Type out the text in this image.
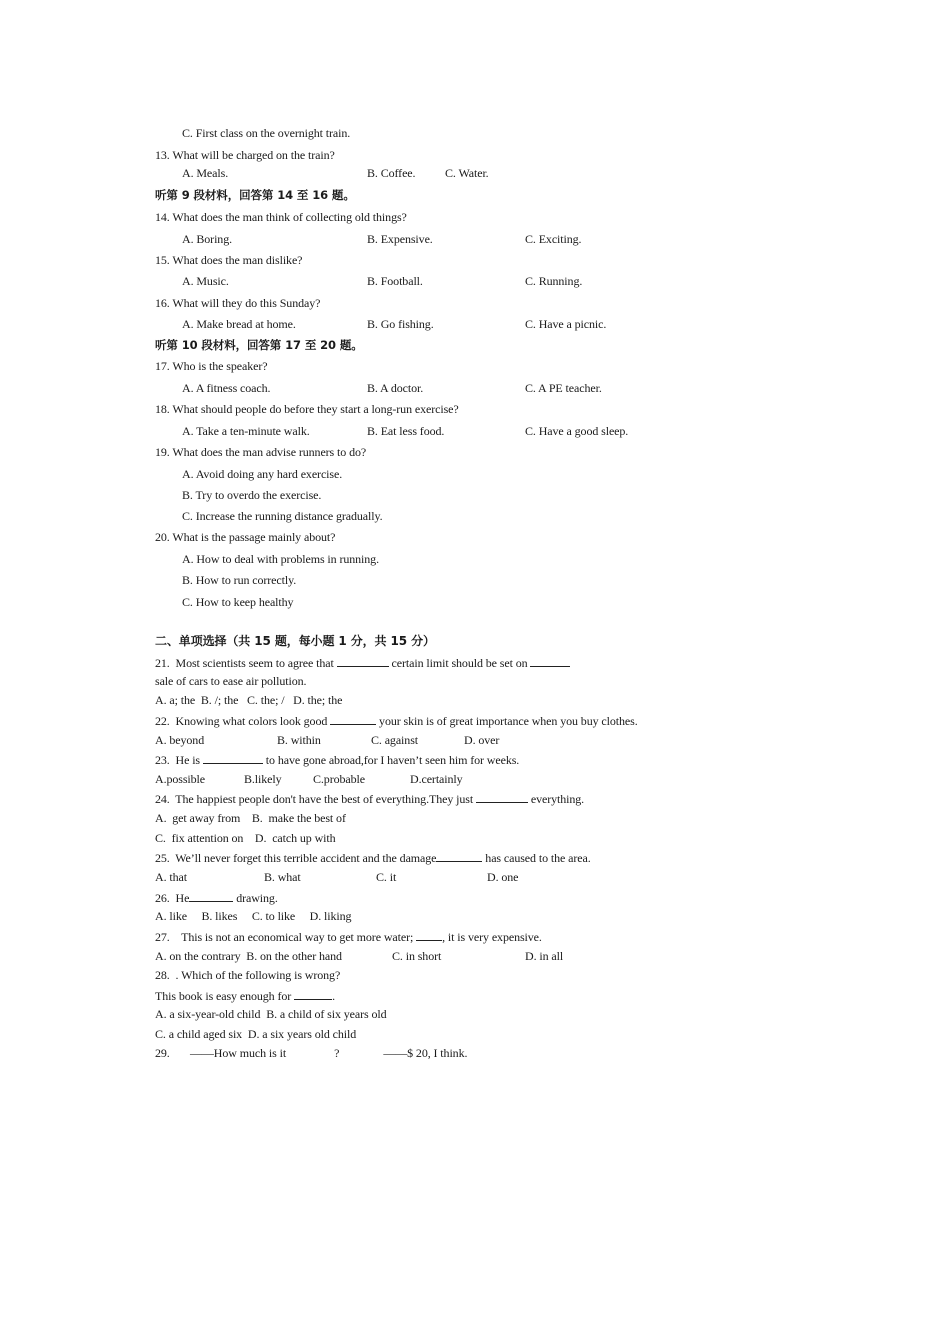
C. First class on the overnight train.
13. What will be charged on the train?
A. Meals.	B. Coffee. C. Water.
听第 9 段材料，回答第 14 至 16 题。
14. What does the man think of collecting old things?
A. Boring.	B. Expensive.	C. Exciting.
15. What does the man dislike?
A. Music.	B. Football.	C. Running.
16. What will they do this Sunday?
A. Make bread at home.	B. Go fishing.	C. Have a picnic.
听第 10 段材料，回答第 17 至 20 题。
17. Who is the speaker?
A. A fitness coach.	B. A doctor.	C. A PE teacher.
18. What should people do before they start a long-run exercise?
A. Take a ten-minute walk.	B. Eat less food.	C. Have a good sleep.
19. What does the man advise runners to do?
A. Avoid doing any hard exercise.
B. Try to overdo the exercise.
C. Increase the running distance gradually.
20. What is the passage mainly about?
A. How to deal with problems in running.
B. How to run correctly.
C. How to keep healthy
二、单项选择（共 15 题，每小题 1 分，共 15 分）
21.  Most scientists seem to agree that	certain limit should be set on
sale of cars to ease air pollution.
A. a; the  B. /; the   C. the; /   D. the; the
22.  Knowing what colors look good	your skin is of great importance when you buy clothes.
A. beyond	B. within	C. against	D. over
23.  He is	to have gone abroad,for I haven’t seen him for weeks.
A.possible	B.likely	C.probable	D.certainly
24.  The happiest people don't have the best of everything.They just	everything.
A.  get away from    B.  make the best of
C.  fix attention on    D.  catch up with
25.  We’ll never forget this terrible accident and the damage	has caused to the area.
A. that	B. what	C. it	D. one
26.  He	drawing.
A. like     B. likes     C. to like     D. liking
27.    This is not an economical way to get more water; , it is very expensive.
A. on the contrary  B. on the other hand	C. in short	D. in all
28.  . Which of the following is wrong?
This book is easy enough for	.
A. a six-year-old child  B. a child of six years old
C. a child aged six  D. a six years old child
29.       ——How much is it	?	——$ 20, I think.
